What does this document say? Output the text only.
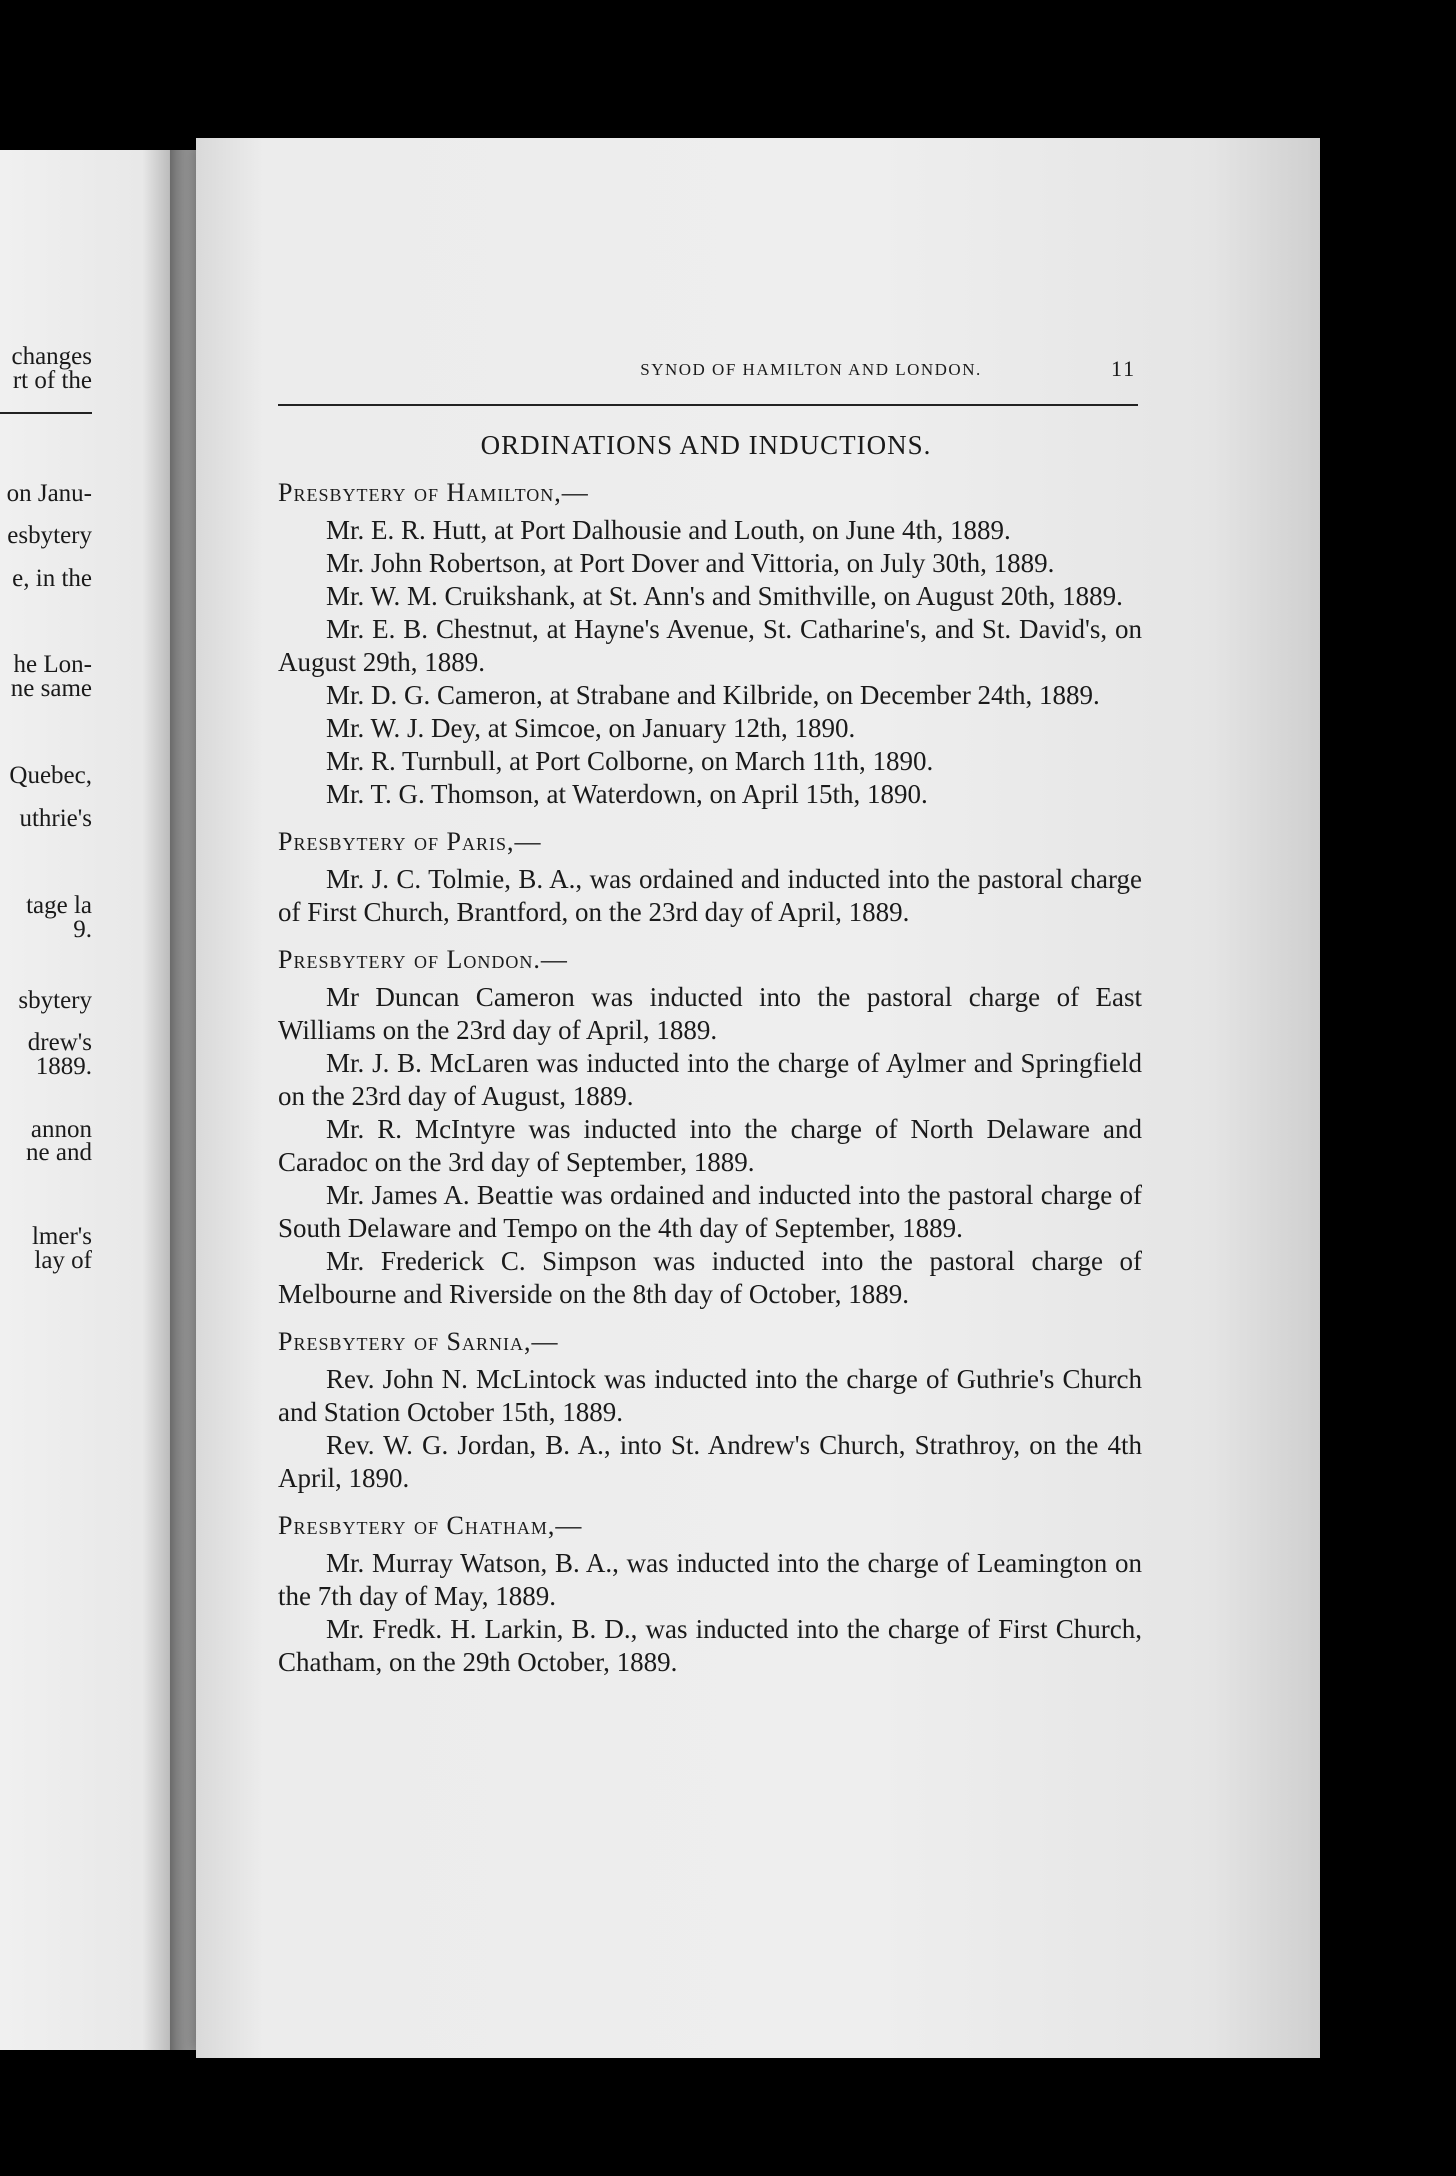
changes
rt of the
on Janu-
esbytery
e, in the
he Lon-
ne same
Quebec,
uthrie's
tage la
9.
sbytery
drew's
1889.
annon
ne and
lmer's
lay of
SYNOD OF HAMILTON AND LONDON.	11
ORDINATIONS AND INDUCTIONS.

Presbytery of Hamilton,—

Mr. E. R. Hutt, at Port Dalhousie and Louth, on June 4th, 1889.

Mr. John Robertson, at Port Dover and Vittoria, on July 30th, 1889.

Mr. W. M. Cruikshank, at St. Ann's and Smithville, on August 20th, 1889.

Mr. E. B. Chestnut, at Hayne's Avenue, St. Catharine's, and St. David's, on August 29th, 1889.

Mr. D. G. Cameron, at Strabane and Kilbride, on December 24th, 1889.

Mr. W. J. Dey, at Simcoe, on January 12th, 1890.

Mr. R. Turnbull, at Port Colborne, on March 11th, 1890.

Mr. T. G. Thomson, at Waterdown, on April 15th, 1890.

Presbytery of Paris,—

Mr. J. C. Tolmie, B. A., was ordained and inducted into the pastoral charge of First Church, Brantford, on the 23rd day of April, 1889.

Presbytery of London.—

Mr Duncan Cameron was inducted into the pastoral charge of East Williams on the 23rd day of April, 1889.

Mr. J. B. McLaren was inducted into the charge of Aylmer and Springfield on the 23rd day of August, 1889.

Mr. R. McIntyre was inducted into the charge of North Delaware and Caradoc on the 3rd day of September, 1889.

Mr. James A. Beattie was ordained and inducted into the pastoral charge of South Delaware and Tempo on the 4th day of September, 1889.

Mr. Frederick C. Simpson was inducted into the pastoral charge of Melbourne and Riverside on the 8th day of October, 1889.

Presbytery of Sarnia,—

Rev. John N. McLintock was inducted into the charge of Guthrie's Church and Station October 15th, 1889.

Rev. W. G. Jordan, B. A., into St. Andrew's Church, Strathroy, on the 4th April, 1890.

Presbytery of Chatham,—

Mr. Murray Watson, B. A., was inducted into the charge of Leamington on the 7th day of May, 1889.

Mr. Fredk. H. Larkin, B. D., was inducted into the charge of First Church, Chatham, on the 29th October, 1889.
